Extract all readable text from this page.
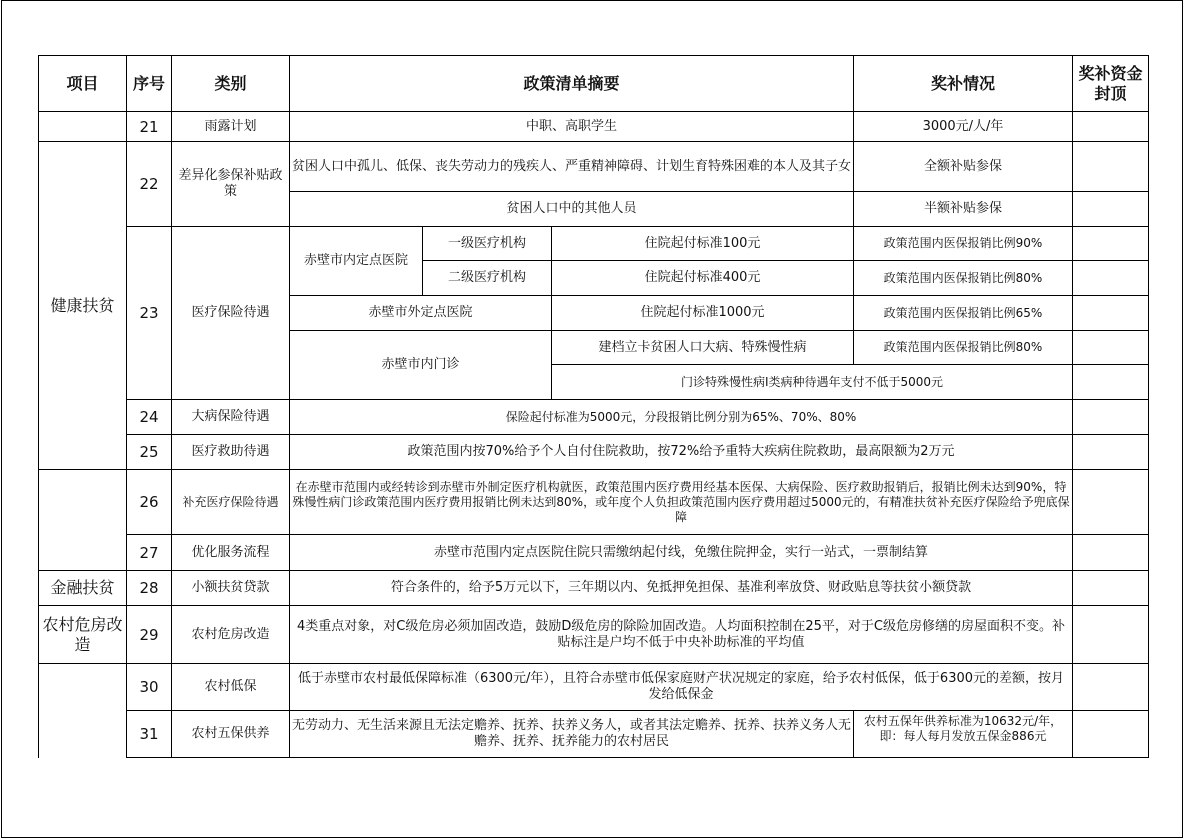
项目	序号	类别	政策清单摘要			奖补情况	奖补资金封顶
	21	雨露计划	中职、高职学生			3000元/人/年	
健康扶贫	22	差异化参保补贴政策	贫困人口中孤儿、低保、丧失劳动力的残疾人、严重精神障碍、计划生育特殊困难的本人及其子女			全额补贴参保	
			贫困人口中的其他人员			半额补贴参保	
	23	医疗保险待遇	赤壁市内定点医院	一级医疗机构	住院起付标准100元	政策范围内医保报销比例90%	
				二级医疗机构	住院起付标准400元	政策范围内医保报销比例80%	
			赤壁市外定点医院		住院起付标准1000元	政策范围内医保报销比例65%	
			赤壁市内门诊		建档立卡贫困人口大病、特殊慢性病	政策范围内医保报销比例80%	
					门诊特殊慢性病I类病种待遇年支付不低于5000元		
	24	大病保险待遇	保险起付标准为5000元，分段报销比例分别为65%、70%、80%				
	25	医疗救助待遇	政策范围内按70%给予个人自付住院救助，按72%给予重特大疾病住院救助，最高限额为2万元				
	26	补充医疗保险待遇	在赤壁市范围内或经转诊到赤壁市外制定医疗机构就医，政策范围内医疗费用经基本医保、大病保险、医疗救助报销后，报销比例未达到90%，特殊慢性病门诊政策范围内医疗费用报销比例未达到80%，或年度个人负担政策范围内医疗费用超过5000元的，有精准扶贫补充医疗保险给予兜底保障				
	27	优化服务流程	赤壁市范围内定点医院住院只需缴纳起付线，免缴住院押金，实行一站式，一票制结算				
金融扶贫	28	小额扶贫贷款	符合条件的，给予5万元以下，三年期以内、免抵押免担保、基准利率放贷、财政贴息等扶贫小额贷款				
农村危房改造	29	农村危房改造	4类重点对象，对C级危房必须加固改造，鼓励D级危房的除险加固改造。人均面积控制在25平，对于C级危房修缮的房屋面积不变。补贴标注是户均不低于中央补助标准的平均值				
	30	农村低保	低于赤壁市农村最低保障标准（6300元/年），且符合赤壁市低保家庭财产状况规定的家庭，给予农村低保，低于6300元的差额，按月发给低保金				
	31	农村五保供养	无劳动力、无生活来源且无法定赡养、抚养、扶养义务人，或者其法定赡养、抚养、扶养义务人无赡养、抚养、抚养能力的农村居民			农村五保年供养标准为10632元/年，即：每人每月发放五保金886元	
